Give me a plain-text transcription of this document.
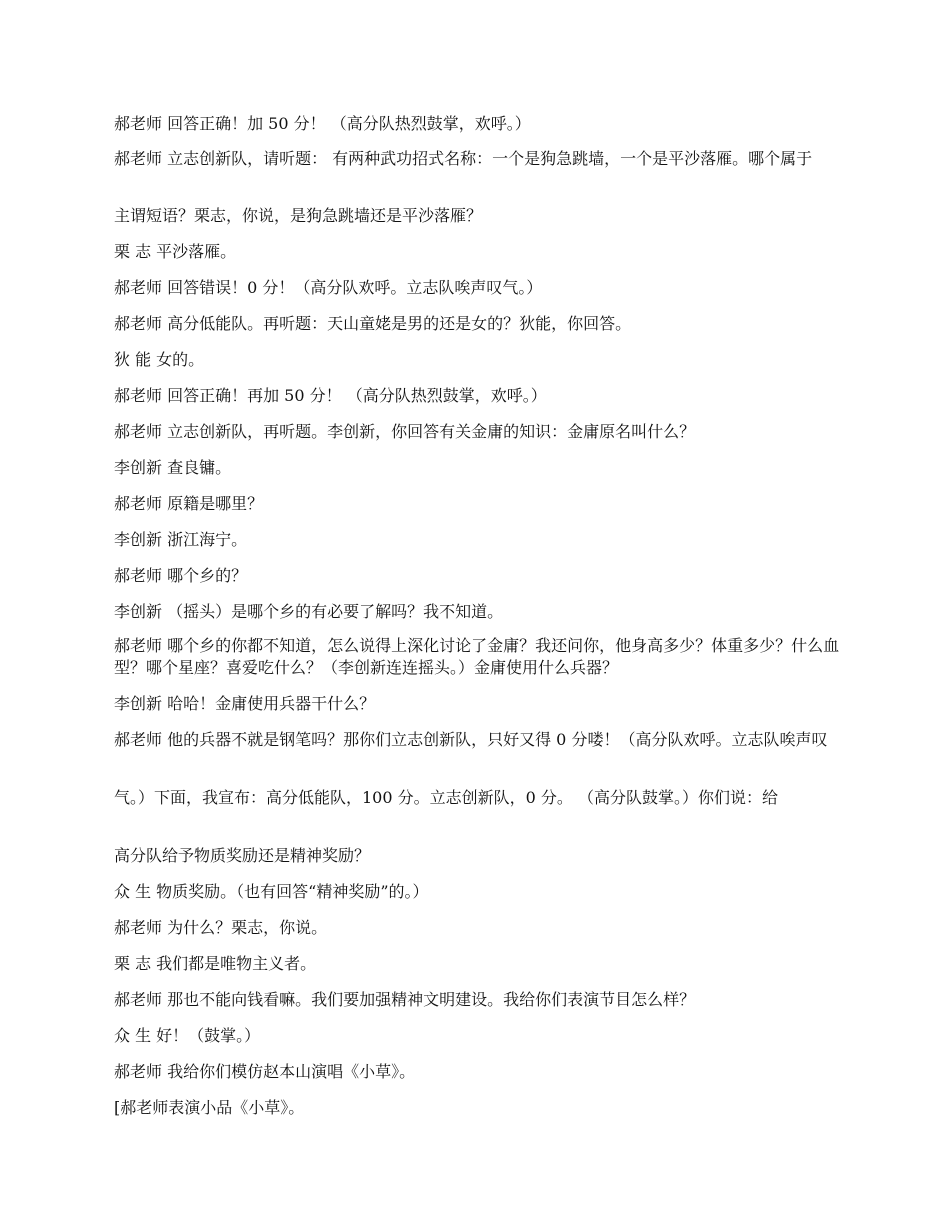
郝老师 回答正确！加 50 分！ （高分队热烈鼓掌，欢呼。）
郝老师 立志创新队，请听题： 有两种武功招式名称：一个是狗急跳墙，一个是平沙落雁。哪个属于
主谓短语？栗志，你说，是狗急跳墙还是平沙落雁？
栗 志 平沙落雁。
郝老师 回答错误！0 分！（高分队欢呼。立志队唉声叹气。）
郝老师 高分低能队。再听题：天山童姥是男的还是女的？狄能，你回答。
狄 能 女的。
郝老师 回答正确！再加 50 分！ （高分队热烈鼓掌，欢呼。）
郝老师 立志创新队，再听题。李创新，你回答有关金庸的知识：金庸原名叫什么？
李创新 查良镛。
郝老师 原籍是哪里？
李创新 浙江海宁。
郝老师 哪个乡的？
李创新 （摇头）是哪个乡的有必要了解吗？我不知道。
郝老师 哪个乡的你都不知道，怎么说得上深化讨论了金庸？我还问你，他身高多少？体重多少？什么血型？哪个星座？喜爱吃什么？（李创新连连摇头。）金庸使用什么兵器？
李创新 哈哈！金庸使用兵器干什么？
郝老师 他的兵器不就是钢笔吗？那你们立志创新队，只好又得 0 分喽！（高分队欢呼。立志队唉声叹
气。）下面，我宣布：高分低能队，100 分。立志创新队，0 分。 （高分队鼓掌。）你们说：给
高分队给予物质奖励还是精神奖励？
众 生 物质奖励。（也有回答“精神奖励”的。）
郝老师 为什么？栗志，你说。
栗 志 我们都是唯物主义者。
郝老师 那也不能向钱看嘛。我们要加强精神文明建设。我给你们表演节目怎么样？
众 生 好！（鼓掌。）
郝老师 我给你们模仿赵本山演唱《小草》。
[郝老师表演小品《小草》。
